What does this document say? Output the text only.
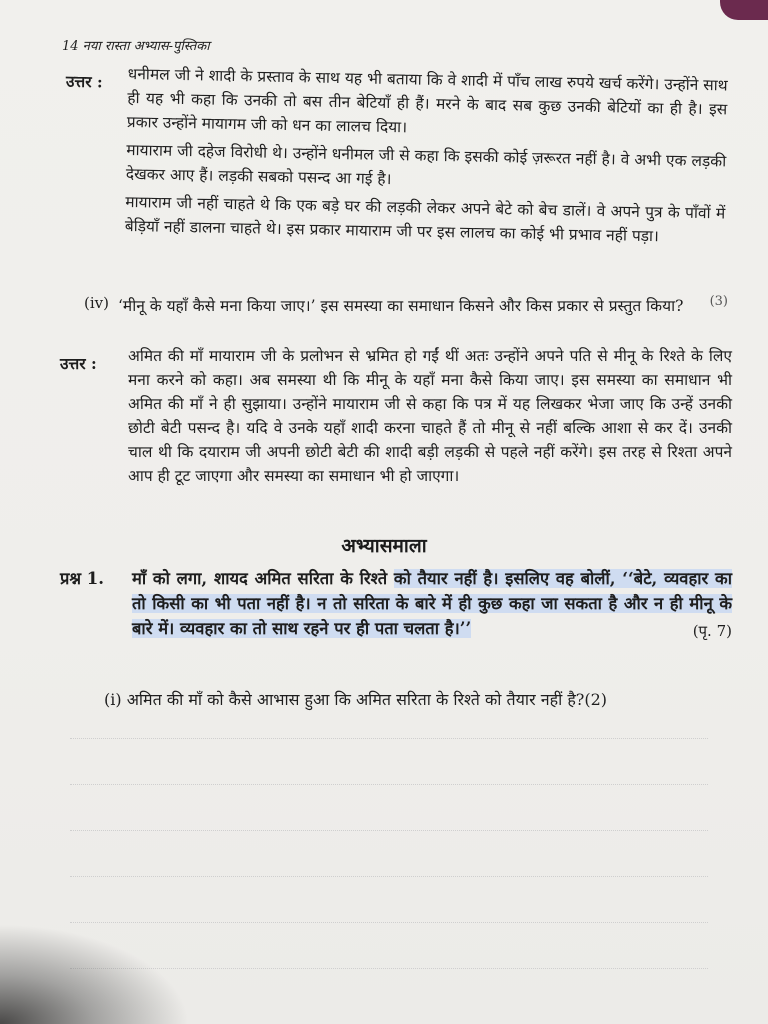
14 नया रास्ता अभ्यास-पुस्तिका
उत्तर : धनीमल जी ने शादी के प्रस्ताव के साथ यह भी बताया कि वे शादी में पाँच लाख रुपये खर्च करेंगे। उन्होंने साथ ही यह भी कहा कि उनकी तो बस तीन बेटियाँ ही हैं। मरने के बाद सब कुछ उनकी बेटियों का ही है। इस प्रकार उन्होंने मायागम जी को धन का लालच दिया।

मायाराम जी दहेज विरोधी थे। उन्होंने धनीमल जी से कहा कि इसकी कोई ज़रूरत नहीं है। वे अभी एक लड़की देखकर आए हैं। लड़की सबको पसन्द आ गई है।

मायाराम जी नहीं चाहते थे कि एक बड़े घर की लड़की लेकर अपने बेटे को बेच डालें। वे अपने पुत्र के पाँवों में बेड़ियाँ नहीं डालना चाहते थे। इस प्रकार मायाराम जी पर इस लालच का कोई भी प्रभाव नहीं पड़ा।

(iv) ‘मीनू के यहाँ कैसे मना किया जाए।’ इस समस्या का समाधान किसने और किस प्रकार से प्रस्तुत किया?	(3)
उत्तर : अमित की माँ मायाराम जी के प्रलोभन से भ्रमित हो गईं थीं अतः उन्होंने अपने पति से मीनू के रिश्ते के लिए मना करने को कहा। अब समस्या थी कि मीनू के यहाँ मना कैसे किया जाए। इस समस्या का समाधान भी अमित की माँ ने ही सुझाया। उन्होंने मायाराम जी से कहा कि पत्र में यह लिखकर भेजा जाए कि उन्हें उनकी छोटी बेटी पसन्द है। यदि वे उनके यहाँ शादी करना चाहते हैं तो मीनू से नहीं बल्कि आशा से कर दें। उनकी चाल थी कि दयाराम जी अपनी छोटी बेटी की शादी बड़ी लड़की से पहले नहीं करेंगे। इस तरह से रिश्ता अपने आप ही टूट जाएगा और समस्या का समाधान भी हो जाएगा।

अभ्यासमाला
प्रश्न 1. माँ को लगा, शायद अमित सरिता के रिश्ते को तैयार नहीं है। इसलिए वह बोलीं, ‘‘बेटे, व्यवहार का तो किसी का भी पता नहीं है। न तो सरिता के बारे में ही कुछ कहा जा सकता है और न ही मीनू के बारे में। व्यवहार का तो साथ रहने पर ही पता चलता है।’’	(पृ. 7)

(i) अमित की माँ को कैसे आभास हुआ कि अमित सरिता के रिश्ते को तैयार नहीं है?(2)
